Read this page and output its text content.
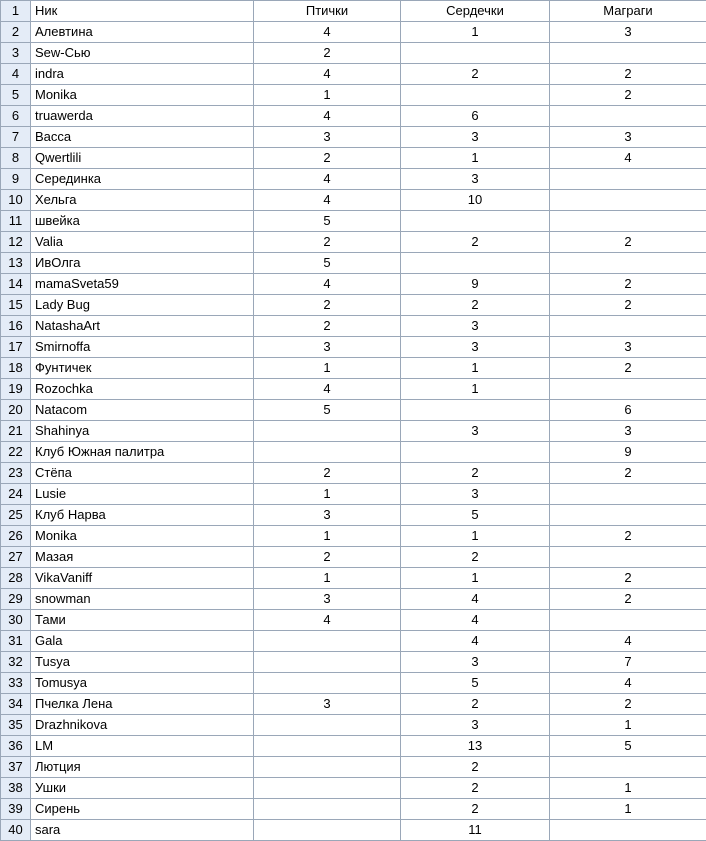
1	Ник	Птички	Сердечки	Маграги
2	Алевтина	4	1	3
3	Sew-Сью	2		
4	indra	4	2	2
5	Monika	1		2
6	truawerda	4	6	
7	Васса	3	3	3
8	Qwertlili	2	1	4
9	Серединка	4	3	
10	Хельга	4	10	
11	швейка	5		
12	Valia	2	2	2
13	ИвОлга	5		
14	mamaSveta59	4	9	2
15	Lady Bug	2	2	2
16	NatashaArt	2	3	
17	Smirnoffa	3	3	3
18	Фунтичек	1	1	2
19	Rozochka	4	1	
20	Natacom	5		6
21	Shahinya		3	3
22	Клуб Южная палитра			9
23	Стёпа	2	2	2
24	Lusie	1	3	
25	Клуб Нарва	3	5	
26	Monika	1	1	2
27	Мазая	2	2	
28	VikaVaniff	1	1	2
29	snowman	3	4	2
30	Тами	4	4	
31	Gala		4	4
32	Tusya		3	7
33	Tomusya		5	4
34	Пчелка Лена	3	2	2
35	Drazhnikova		3	1
36	LM		13	5
37	Лютция		2	
38	Ушки		2	1
39	Сирень		2	1
40	sara		11	
